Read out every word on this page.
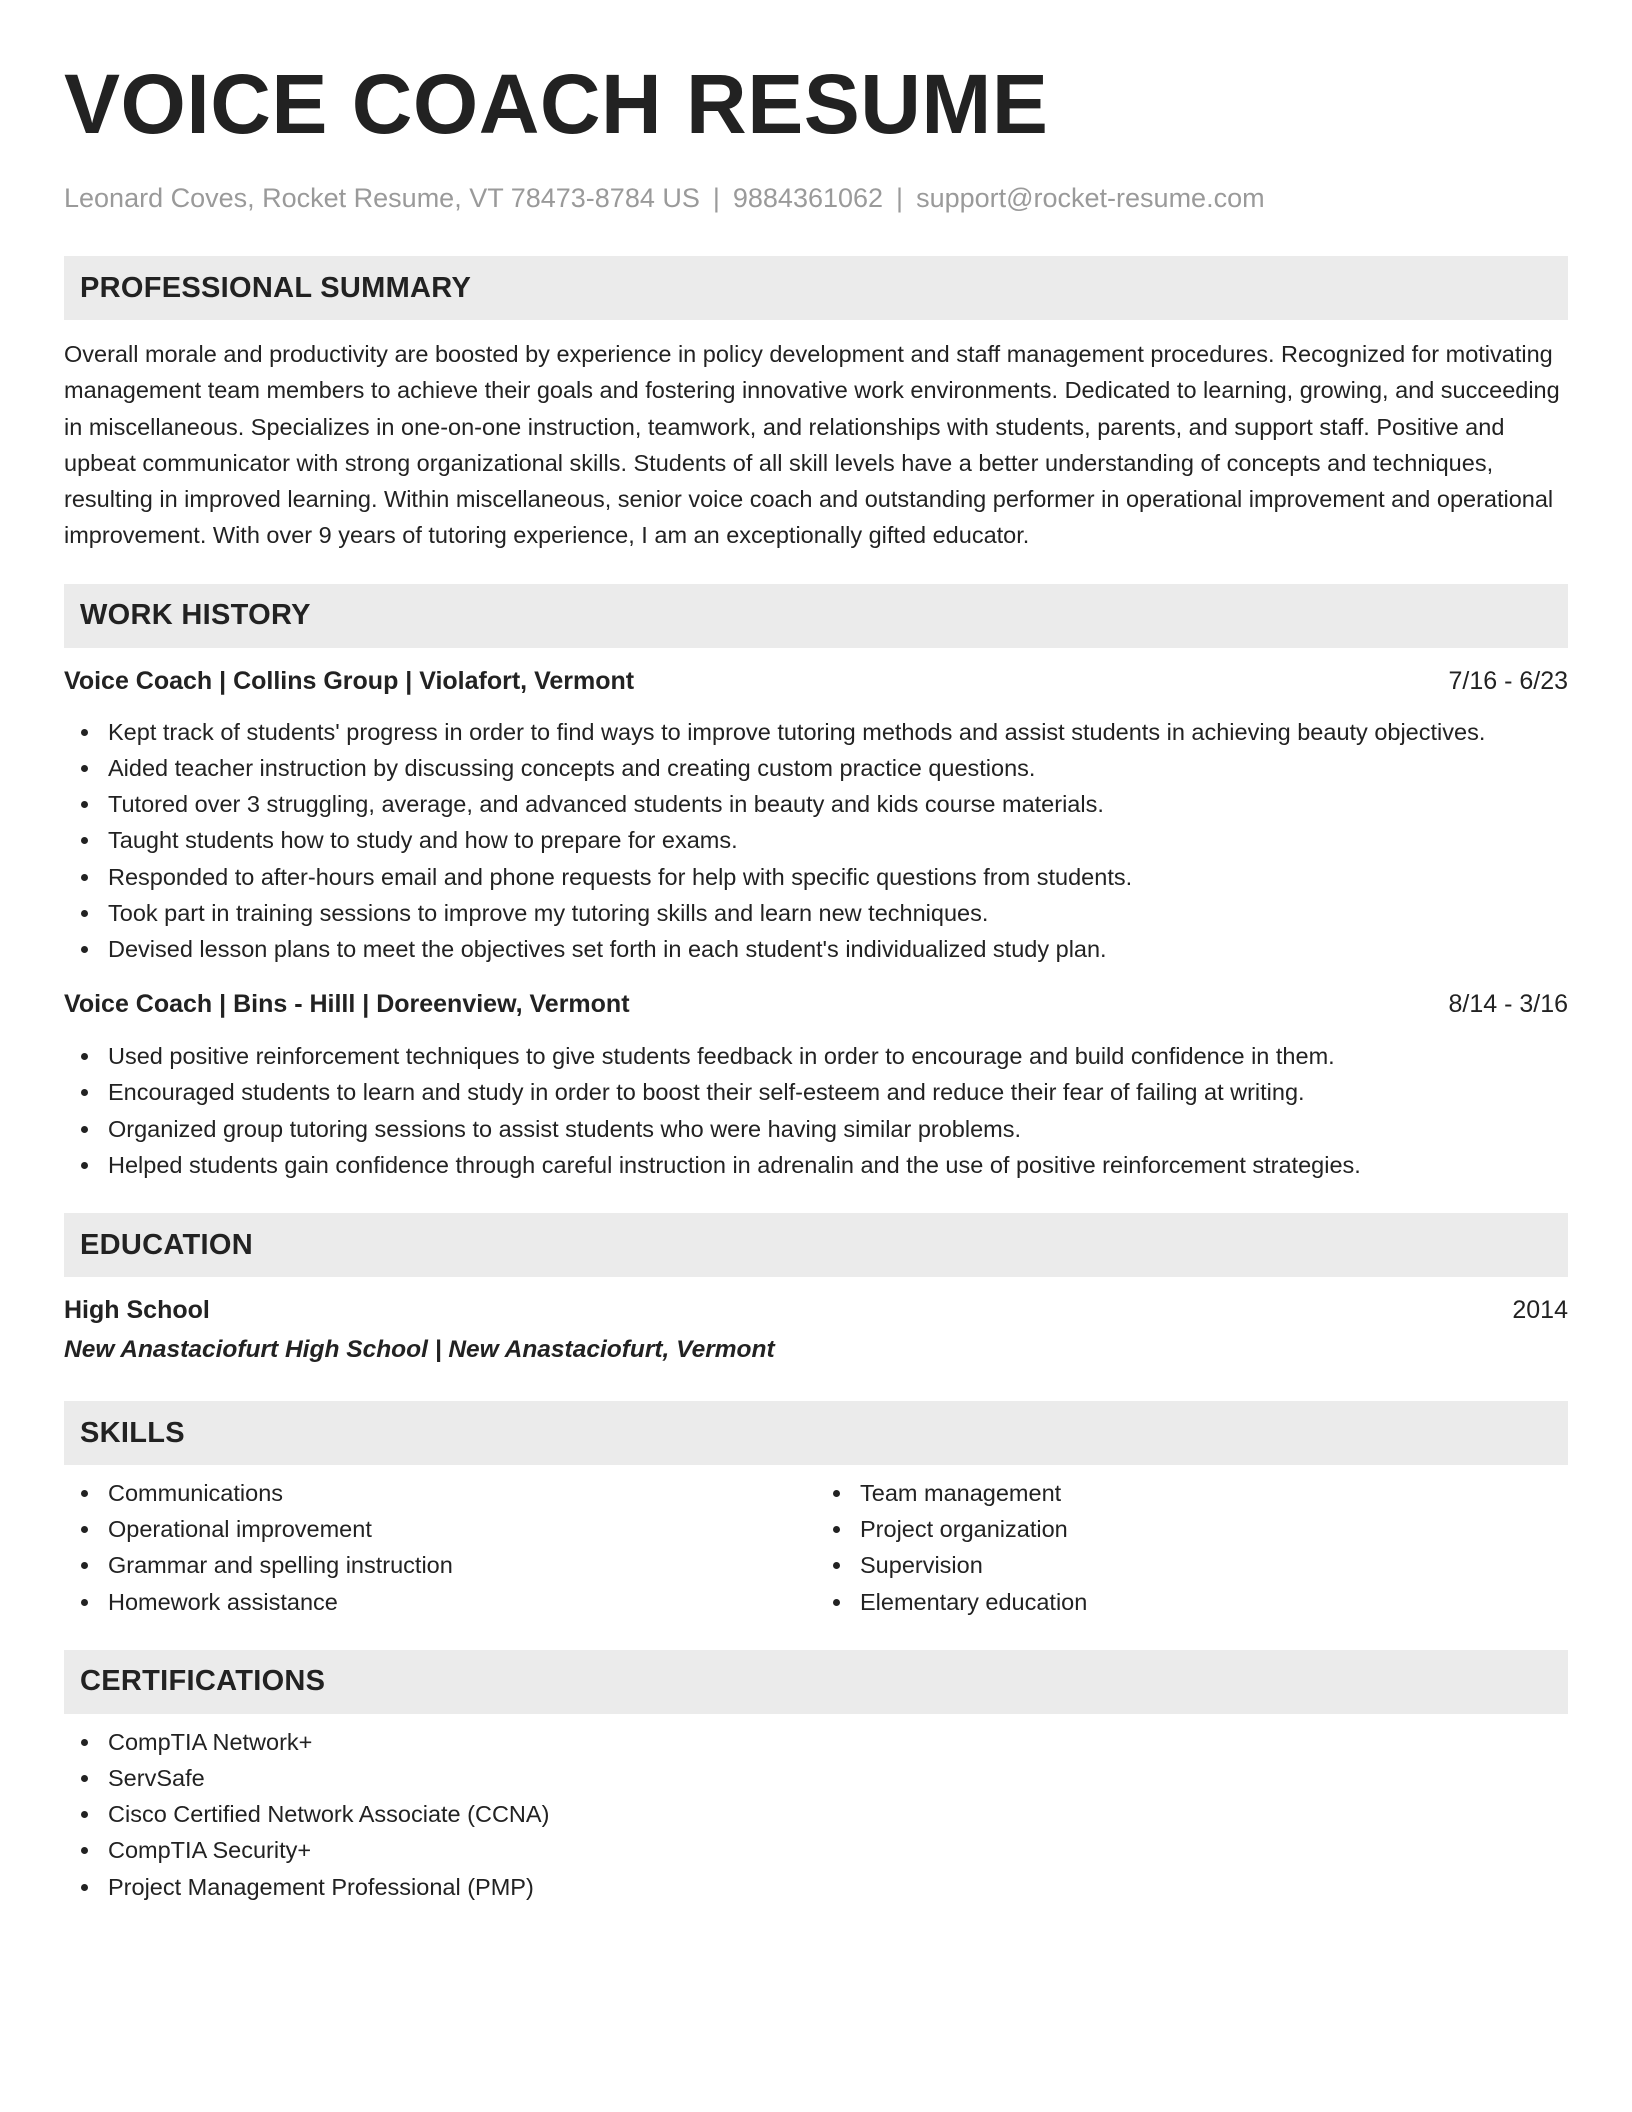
VOICE COACH RESUME
Leonard Coves, Rocket Resume, VT 78473-8784 US | 9884361062 | support@rocket-resume.com
PROFESSIONAL SUMMARY
Overall morale and productivity are boosted by experience in policy development and staff management procedures. Recognized for motivating management team members to achieve their goals and fostering innovative work environments. Dedicated to learning, growing, and succeeding in miscellaneous. Specializes in one-on-one instruction, teamwork, and relationships with students, parents, and support staff. Positive and upbeat communicator with strong organizational skills. Students of all skill levels have a better understanding of concepts and techniques, resulting in improved learning. Within miscellaneous, senior voice coach and outstanding performer in operational improvement and operational improvement. With over 9 years of tutoring experience, I am an exceptionally gifted educator.
WORK HISTORY
Voice Coach | Collins Group | Violafort, Vermont	7/16 - 6/23
Kept track of students' progress in order to find ways to improve tutoring methods and assist students in achieving beauty objectives.
Aided teacher instruction by discussing concepts and creating custom practice questions.
Tutored over 3 struggling, average, and advanced students in beauty and kids course materials.
Taught students how to study and how to prepare for exams.
Responded to after-hours email and phone requests for help with specific questions from students.
Took part in training sessions to improve my tutoring skills and learn new techniques.
Devised lesson plans to meet the objectives set forth in each student's individualized study plan.
Voice Coach | Bins - Hilll | Doreenview, Vermont	8/14 - 3/16
Used positive reinforcement techniques to give students feedback in order to encourage and build confidence in them.
Encouraged students to learn and study in order to boost their self-esteem and reduce their fear of failing at writing.
Organized group tutoring sessions to assist students who were having similar problems.
Helped students gain confidence through careful instruction in adrenalin and the use of positive reinforcement strategies.
EDUCATION
High School	2014
New Anastaciofurt High School | New Anastaciofurt, Vermont
SKILLS
Communications
Operational improvement
Grammar and spelling instruction
Homework assistance
Team management
Project organization
Supervision
Elementary education
CERTIFICATIONS
CompTIA Network+
ServSafe
Cisco Certified Network Associate (CCNA)
CompTIA Security+
Project Management Professional (PMP)
